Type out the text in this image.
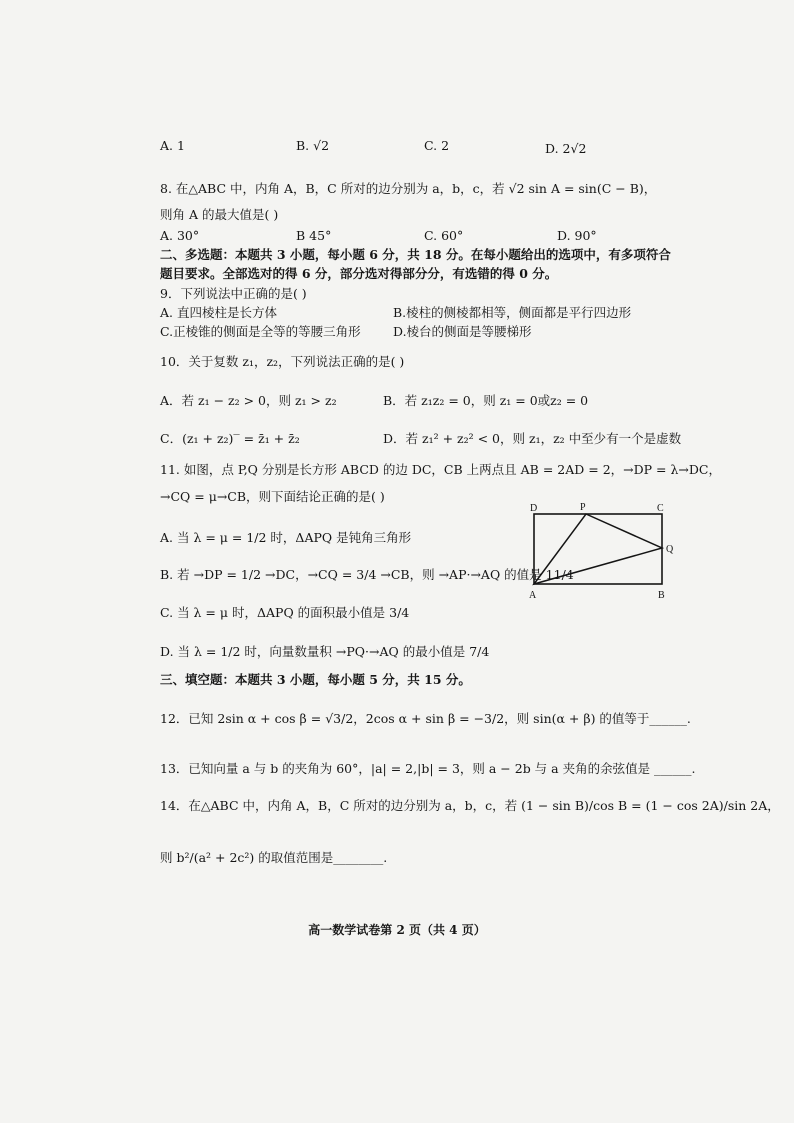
A. 1	B. √2	C. 2	D. 2√2
8. 在△ABC 中，内角 A，B，C 所对的边分别为 a，b，c，若 √2 sin A = sin(C − B)，
则角 A 的最大值是( )
A. 30°	B 45°	C. 60°	D. 90°
二、多选题：本题共 3 小题，每小题 6 分，共 18 分。在每小题给出的选项中，有多项符合
题目要求。全部选对的得 6 分，部分选对得部分分，有选错的得 0 分。
9．下列说法中正确的是( )
A. 直四棱柱是长方体	B.棱柱的侧棱都相等，侧面都是平行四边形
C.正棱锥的侧面是全等的等腰三角形	D.棱台的侧面是等腰梯形
10．关于复数 z₁，z₂，下列说法正确的是( )
A．若 z₁ − z₂ > 0，则 z₁ > z₂	B．若 z₁z₂ = 0，则 z₁ = 0或z₂ = 0
C．(z₁ + z₂)‾ = z̄₁ + z̄₂	D．若 z₁² + z₂² < 0，则 z₁，z₂ 中至少有一个是虚数
11. 如图，点 P,Q 分别是长方形 ABCD 的边 DC，CB 上两点且 AB = 2AD = 2，→DP = λ→DC，
→CQ = μ→CB，则下面结论正确的是( )
A. 当 λ = μ = 1/2 时，ΔAPQ 是钝角三角形
B. 若 →DP = 1/2 →DC，→CQ = 3/4 →CB，则 →AP·→AQ 的值是 11/4
C. 当 λ = μ 时，ΔAPQ 的面积最小值是 3/4
D. 当 λ = 1/2 时，向量数量积 →PQ·→AQ 的最小值是 7/4
D	P	C
Q
A	B
三、填空题：本题共 3 小题，每小题 5 分，共 15 分。
12．已知 2sin α + cos β = √3/2，2cos α + sin β = −3/2，则 sin(α + β) 的值等于______.
13．已知向量 a 与 b 的夹角为 60°，|a| = 2,|b| = 3，则 a − 2b 与 a 夹角的余弦值是 ______.
14．在△ABC 中，内角 A，B，C 所对的边分别为 a，b，c，若 (1 − sin B)/cos B = (1 − cos 2A)/sin 2A，
则 b²/(a² + 2c²) 的取值范围是________.
高一数学试卷第 2 页（共 4 页）
